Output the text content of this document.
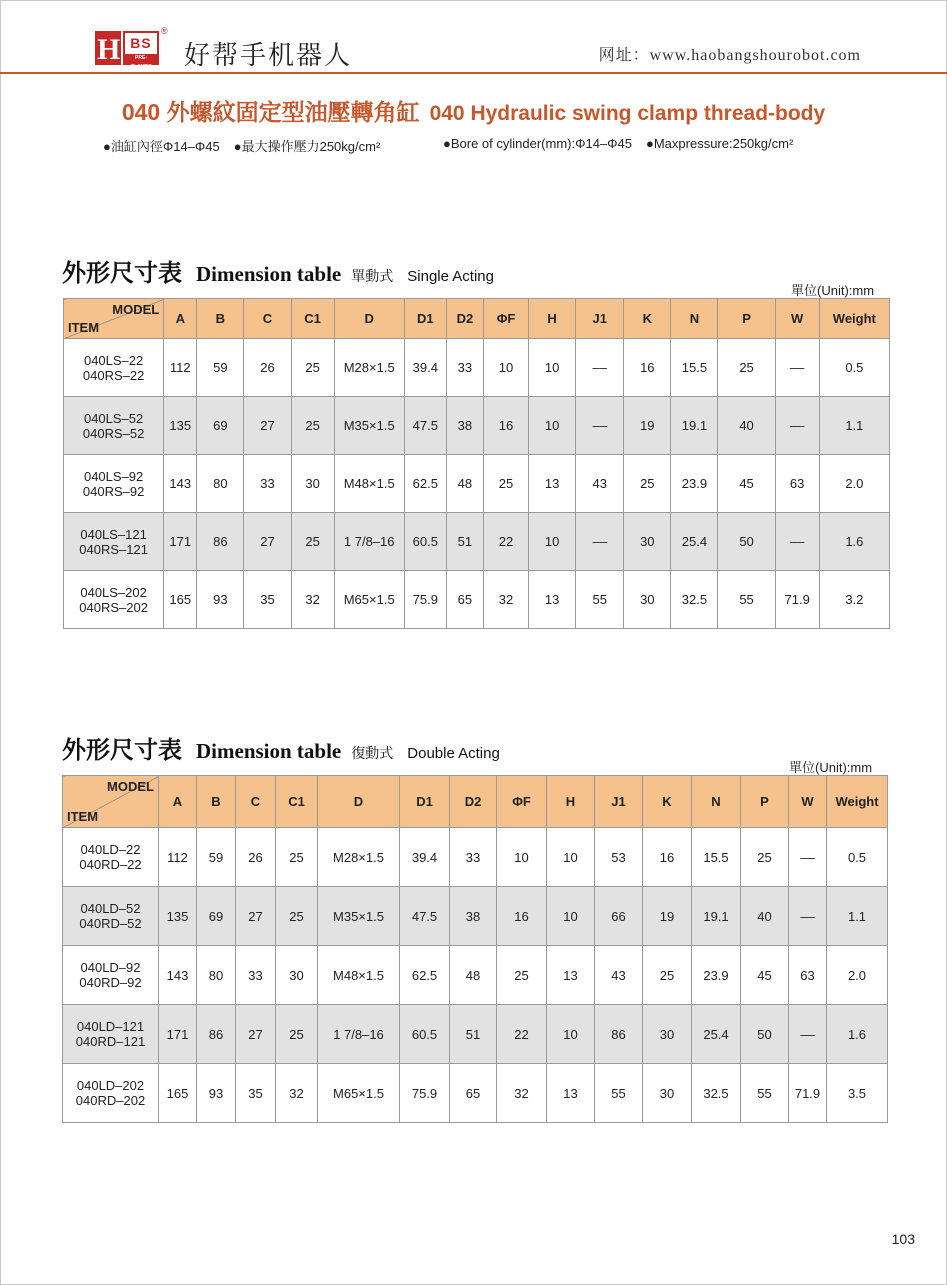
H BS
PRE-CLAMPS
®
好帮手机器人	网址：www.haobangshourobot.com
040 外螺紋固定型油壓轉角缸 040 Hydraulic swing clamp thread-body
●油缸內徑Φ14–Φ45 ●最大操作壓力250kg/cm²	●Bore of cylinder(mm):Φ14–Φ45 ●Maxpressure:250kg/cm²
外形尺寸表 Dimension table 單動式 Single Acting
單位(Unit):mm
MODEL
ITEM	A	B	C	C1	D	D1	D2	ΦF	H	J1	K	N	P	W	Weight

040LS–22
040RS–22	112	59	26	25	M28×1.5	39.4	33	10	10	––	16	15.5	25	––	0.5

040LS–52
040RS–52	135	69	27	25	M35×1.5	47.5	38	16	10	––	19	19.1	40	––	1.1

040LS–92
040RS–92	143	80	33	30	M48×1.5	62.5	48	25	13	43	25	23.9	45	63	2.0

040LS–121
040RS–121	171	86	27	25	1 7/8–16	60.5	51	22	10	––	30	25.4	50	––	1.6

040LS–202
040RS–202	165	93	35	32	M65×1.5	75.9	65	32	13	55	30	32.5	55	71.9	3.2
外形尺寸表 Dimension table 復動式 Double Acting
單位(Unit):mm
MODEL
ITEM	A	B	C	C1	D	D1	D2	ΦF	H	J1	K	N	P	W	Weight

040LD–22
040RD–22	112	59	26	25	M28×1.5	39.4	33	10	10	53	16	15.5	25	––	0.5

040LD–52
040RD–52	135	69	27	25	M35×1.5	47.5	38	16	10	66	19	19.1	40	––	1.1

040LD–92
040RD–92	143	80	33	30	M48×1.5	62.5	48	25	13	43	25	23.9	45	63	2.0

040LD–121
040RD–121	171	86	27	25	1 7/8–16	60.5	51	22	10	86	30	25.4	50	––	1.6

040LD–202
040RD–202	165	93	35	32	M65×1.5	75.9	65	32	13	55	30	32.5	55	71.9	3.5
103
